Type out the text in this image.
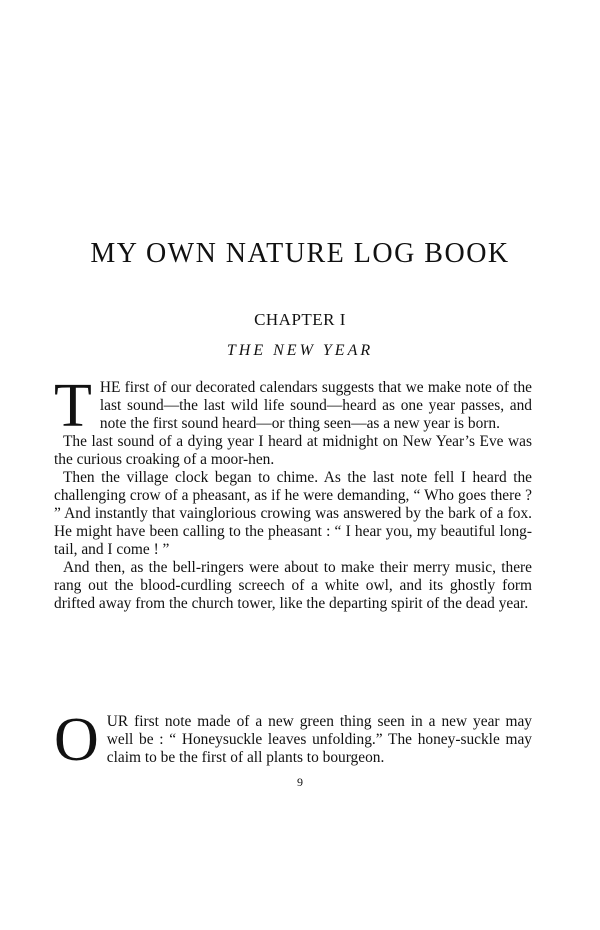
MY OWN NATURE LOG BOOK
CHAPTER I
THE NEW YEAR

THE first of our decorated calendars suggests that we make note of the last sound—the last wild life sound—heard as one year passes, and note the first sound heard—or thing seen—as a new year is born.

The last sound of a dying year I heard at midnight on New Year’s Eve was the curious croaking of a moor-hen.

Then the village clock began to chime. As the last note fell I heard the challenging crow of a pheasant, as if he were demanding, “ Who goes there ? ” And instantly that vainglorious crowing was answered by the bark of a fox. He might have been calling to the pheasant : “ I hear you, my beautiful long-tail, and I come ! ”

And then, as the bell-ringers were about to make their merry music, there rang out the blood-curdling screech of a white owl, and its ghostly form drifted away from the church tower, like the departing spirit of the dead year.

OUR first note made of a new green thing seen in a new year may well be : “ Honeysuckle leaves unfolding.” The honey-suckle may claim to be the first of all plants to bourgeon.

9
